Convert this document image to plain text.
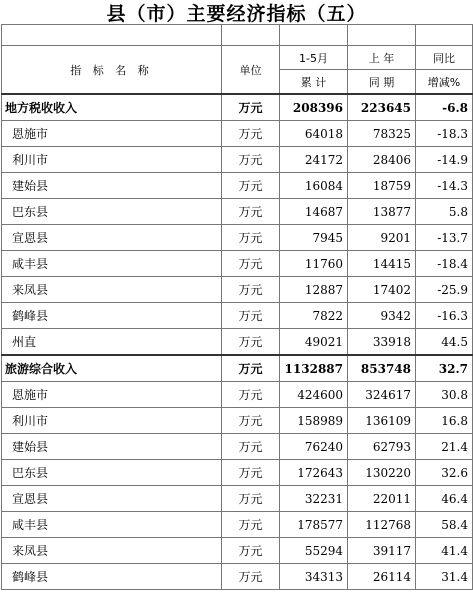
县（市）主要经济指标（五）

指 标 名 称	单位	1-5月	上 年	同比
		累 计	同 期	增减%
地方税收收入	万元	208396	223645	-6.8
恩施市	万元	64018	78325	-18.3
利川市	万元	24172	28406	-14.9
建始县	万元	16084	18759	-14.3
巴东县	万元	14687	13877	5.8
宣恩县	万元	7945	9201	-13.7
咸丰县	万元	11760	14415	-18.4
来凤县	万元	12887	17402	-25.9
鹤峰县	万元	7822	9342	-16.3
州直	万元	49021	33918	44.5
旅游综合收入	万元	1132887	853748	32.7
恩施市	万元	424600	324617	30.8
利川市	万元	158989	136109	16.8
建始县	万元	76240	62793	21.4
巴东县	万元	172643	130220	32.6
宣恩县	万元	32231	22011	46.4
咸丰县	万元	178577	112768	58.4
来凤县	万元	55294	39117	41.4
鹤峰县	万元	34313	26114	31.4
